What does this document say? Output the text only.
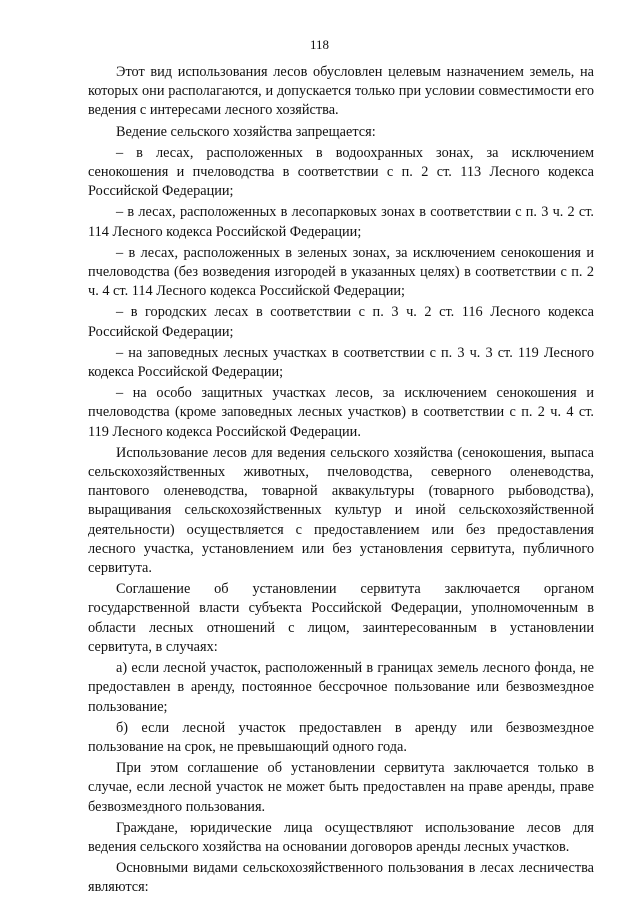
118

Этот вид использования лесов обусловлен целевым назначением земель, на которых они располагаются, и допускается только при условии совместимости его ведения с интересами лесного хозяйства.

Ведение сельского хозяйства запрещается:

– в лесах, расположенных в водоохранных зонах, за исключением сенокошения и пчеловодства в соответствии с п. 2 ст. 113 Лесного кодекса Российской Федерации;

– в лесах, расположенных в лесопарковых зонах в соответствии с п. 3 ч. 2 ст. 114 Лесного кодекса Российской Федерации;

– в лесах, расположенных в зеленых зонах, за исключением сенокошения и пчеловодства (без возведения изгородей в указанных целях) в соответствии с п. 2 ч. 4 ст. 114 Лесного кодекса Российской Федерации;

– в городских лесах в соответствии с п. 3 ч. 2 ст. 116 Лесного кодекса Российской Федерации;

– на заповедных лесных участках в соответствии с п. 3 ч. 3 ст. 119 Лесного кодекса Российской Федерации;

– на особо защитных участках лесов, за исключением сенокошения и пчеловодства (кроме заповедных лесных участков) в соответствии с п. 2 ч. 4 ст. 119 Лесного кодекса Российской Федерации.

Использование лесов для ведения сельского хозяйства (сенокошения, выпаса сельскохозяйственных животных, пчеловодства, северного оленеводства, пантового оленеводства, товарной аквакультуры (товарного рыбоводства), выращивания сельскохозяйственных культур и иной сельскохозяйственной деятельности) осуществляется с предоставлением или без предоставления лесного участка, установлением или без установления сервитута, публичного сервитута.

Соглашение об установлении сервитута заключается органом государственной власти субъекта Российской Федерации, уполномоченным в области лесных отношений с лицом, заинтересованным в установлении сервитута, в случаях:

а) если лесной участок, расположенный в границах земель лесного фонда, не предоставлен в аренду, постоянное бессрочное пользование или безвозмездное пользование;

б) если лесной участок предоставлен в аренду или безвозмездное пользование на срок, не превышающий одного года.

При этом соглашение об установлении сервитута заключается только в случае, если лесной участок не может быть предоставлен на праве аренды, праве безвозмездного пользования.

Граждане, юридические лица осуществляют использование лесов для ведения сельского хозяйства на основании договоров аренды лесных участков.

Основными видами сельскохозяйственного пользования в лесах лесничества являются:
